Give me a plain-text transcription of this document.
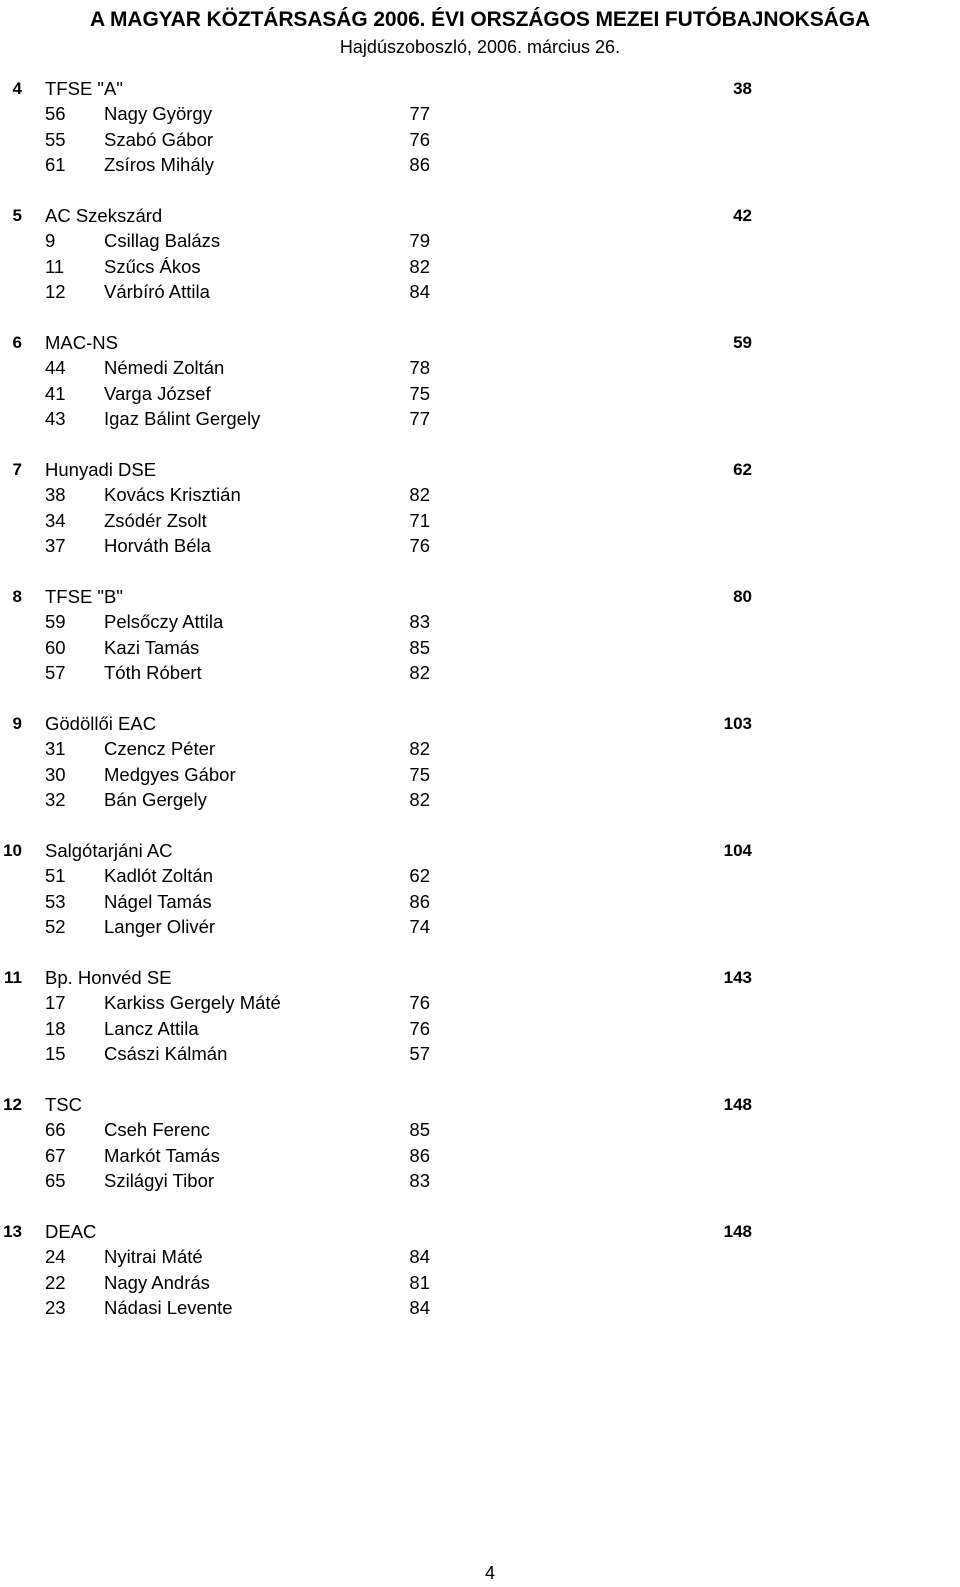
A MAGYAR KÖZTÁRSASÁG 2006. ÉVI ORSZÁGOS MEZEI FUTÓBAJNOKSÁGA
Hajdúszoboszló, 2006. március 26.
4 TFSE "A"	38
56 Nagy György	77
55 Szabó Gábor	76
61 Zsíros Mihály	86
5 AC Szekszárd	42
9	Csillag Balázs	79
11 Szűcs Ákos	82
12 Várbíró Attila	84
6 MAC-NS	59
44 Némedi Zoltán	78
41 Varga József	75
43 Igaz Bálint Gergely	77
7 Hunyadi DSE	62
38 Kovács Krisztián	82
34 Zsódér Zsolt	71
37 Horváth Béla	76
8 TFSE "B"	80
59 Pelsőczy Attila	83
60 Kazi Tamás	85
57 Tóth Róbert	82
9 Gödöllői EAC	103
31 Czencz Péter	82
30 Medgyes Gábor	75
32 Bán Gergely	82
10 Salgótarjáni AC	104
51 Kadlót Zoltán	62
53 Nágel Tamás	86
52 Langer Olivér	74
11 Bp. Honvéd SE	143
17 Karkiss Gergely Máté	76
18 Lancz Attila	76
15 Császi Kálmán	57
12 TSC	148
66 Cseh Ferenc	85
67 Markót Tamás	86
65 Szilágyi Tibor	83
13 DEAC	148
24 Nyitrai Máté	84
22 Nagy András	81
23 Nádasi Levente	84
4
